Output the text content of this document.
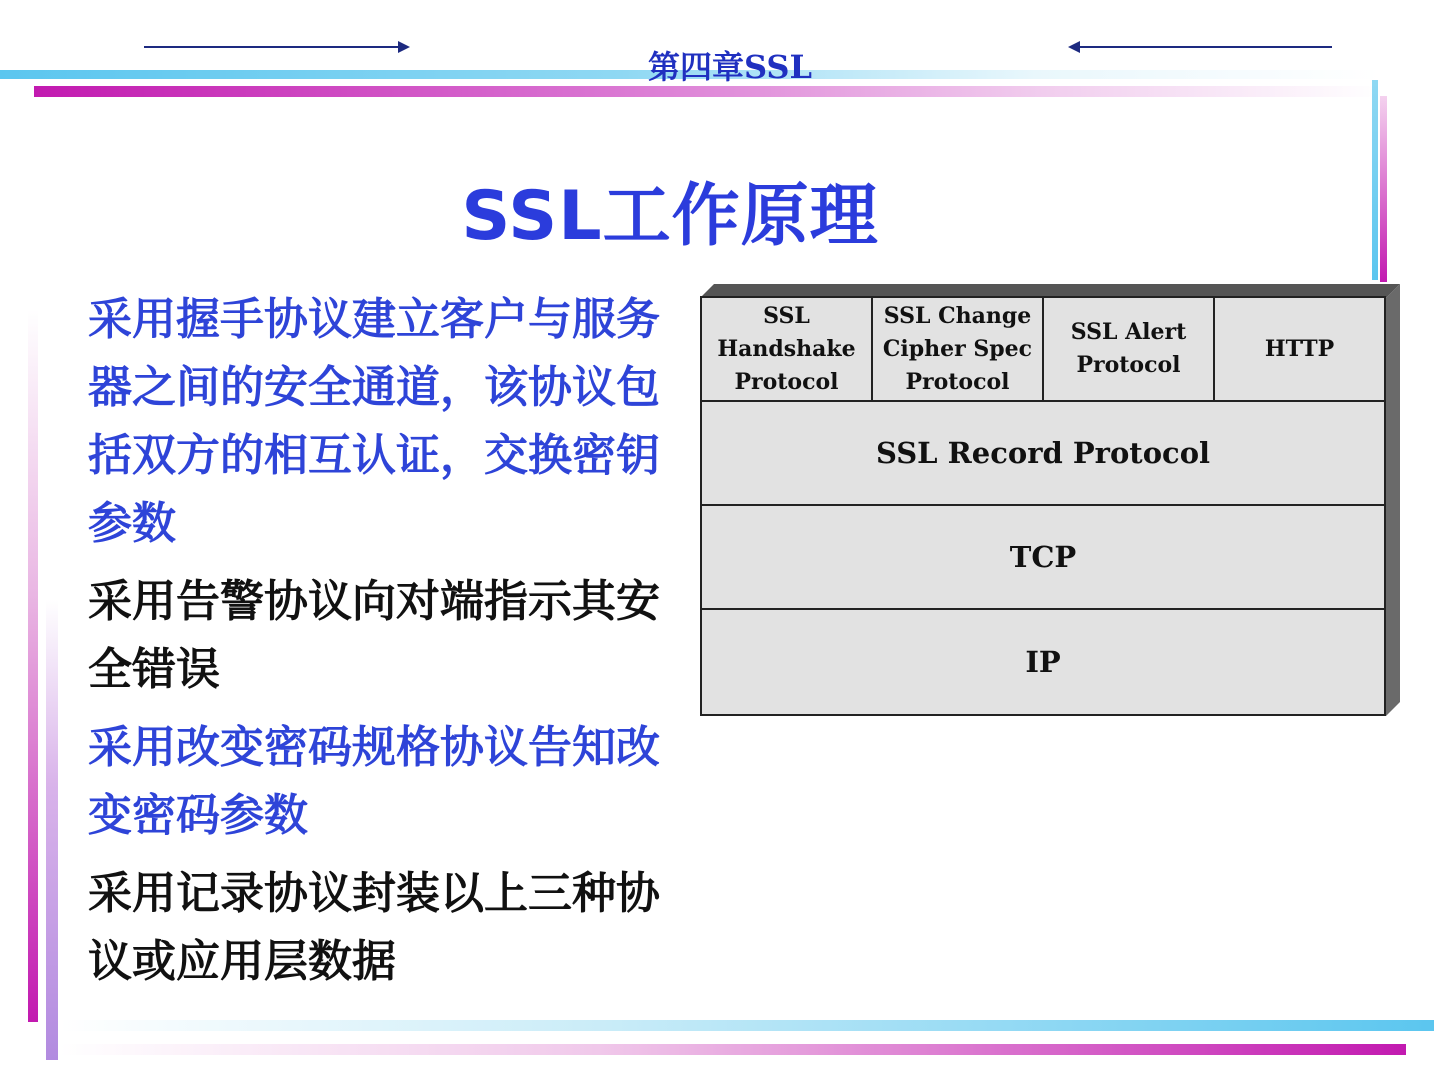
第四章SSL
SSL工作原理
采用握手协议建立客户与服务器之间的安全通道，该协议包括双方的相互认证，交换密钥参数
采用告警协议向对端指示其安全错误
采用改变密码规格协议告知改变密码参数
采用记录协议封装以上三种协议或应用层数据
SSL
Handshake
Protocol
SSL Change
Cipher Spec
Protocol
SSL Alert
Protocol
HTTP
SSL Record Protocol
TCP
IP
